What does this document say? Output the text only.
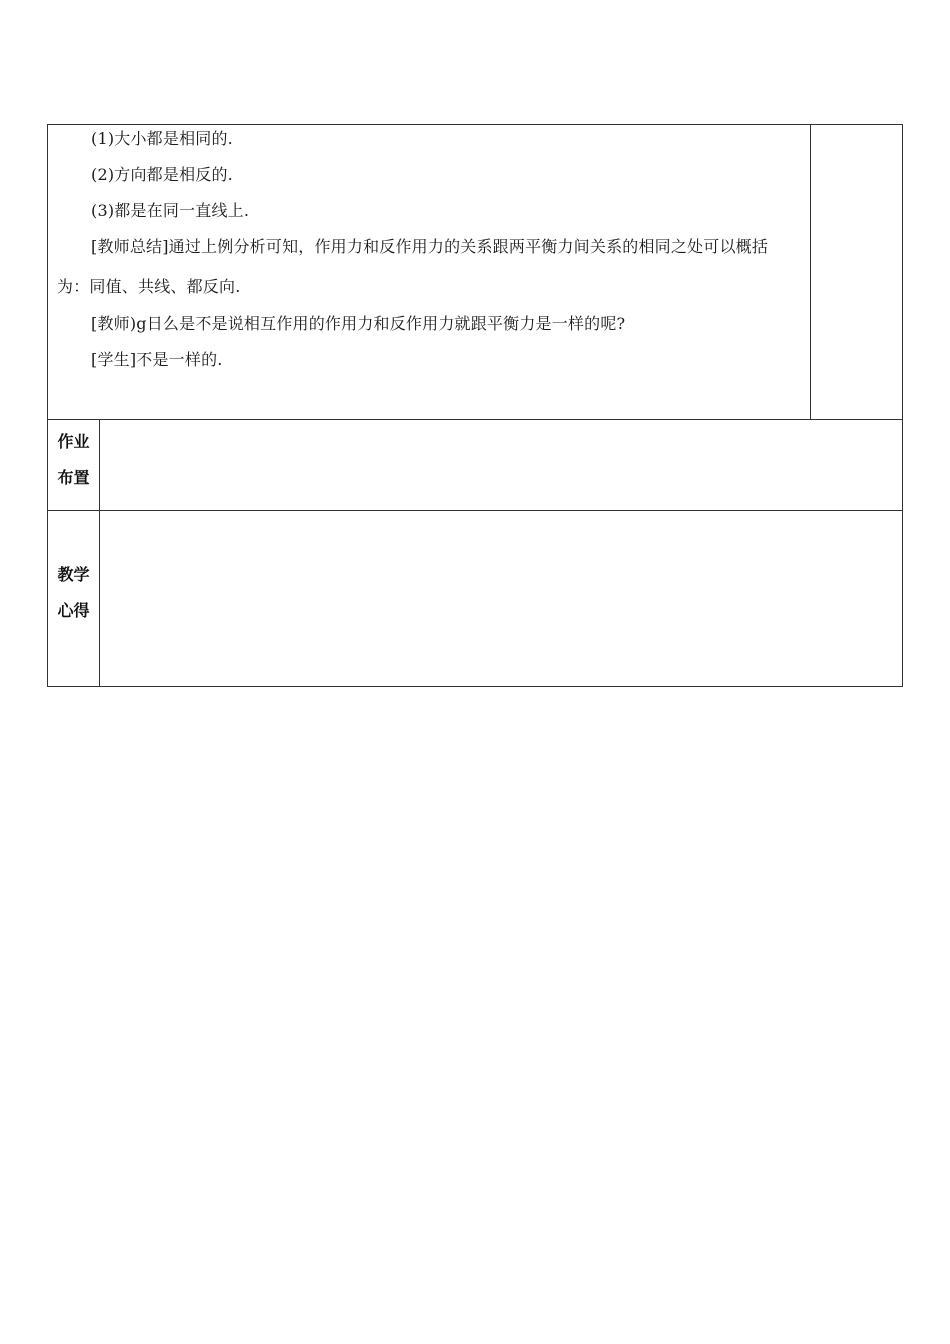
(1)大小都是相同的.
(2)方向都是相反的.
(3)都是在同一直线上.
[教师总结]通过上例分析可知，作用力和反作用力的关系跟两平衡力间关系的相同之处可以概括
为：同值、共线、都反向.
[教师)g日么是不是说相互作用的作用力和反作用力就跟平衡力是一样的呢?
[学生]不是一样的.
作业
布置
教学
心得
